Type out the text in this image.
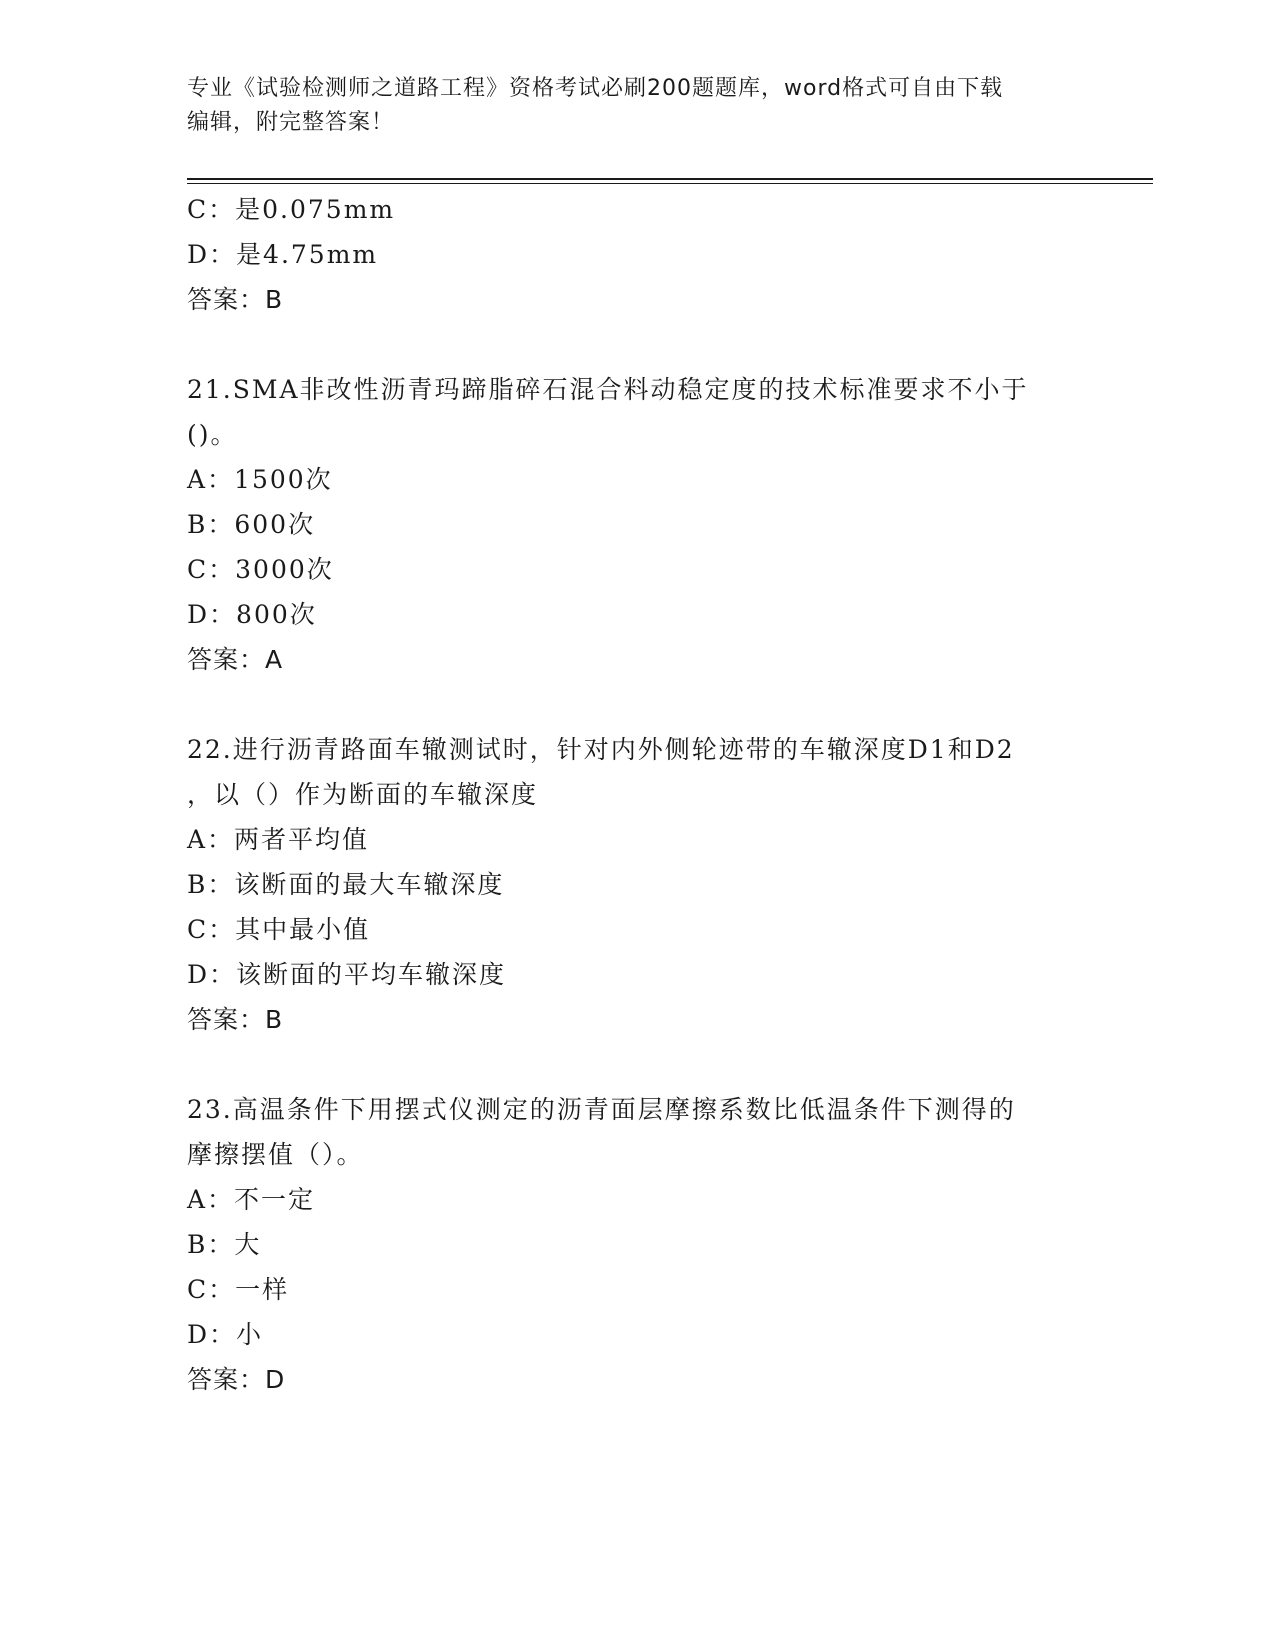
专业《试验检测师之道路工程》资格考试必刷200题题库，word格式可自由下载
编辑，附完整答案！
C：是0.075mm
D：是4.75mm
答案：B
21.SMA非改性沥青玛蹄脂碎石混合料动稳定度的技术标准要求不小于
()。
A：1500次
B：600次
C：3000次
D：800次
答案：A
22.进行沥青路面车辙测试时，针对内外侧轮迹带的车辙深度D1和D2
，以（）作为断面的车辙深度
A：两者平均值
B：该断面的最大车辙深度
C：其中最小值
D：该断面的平均车辙深度
答案：B
23.高温条件下用摆式仪测定的沥青面层摩擦系数比低温条件下测得的
摩擦摆值（）。
A：不一定
B：大
C：一样
D：小
答案：D
